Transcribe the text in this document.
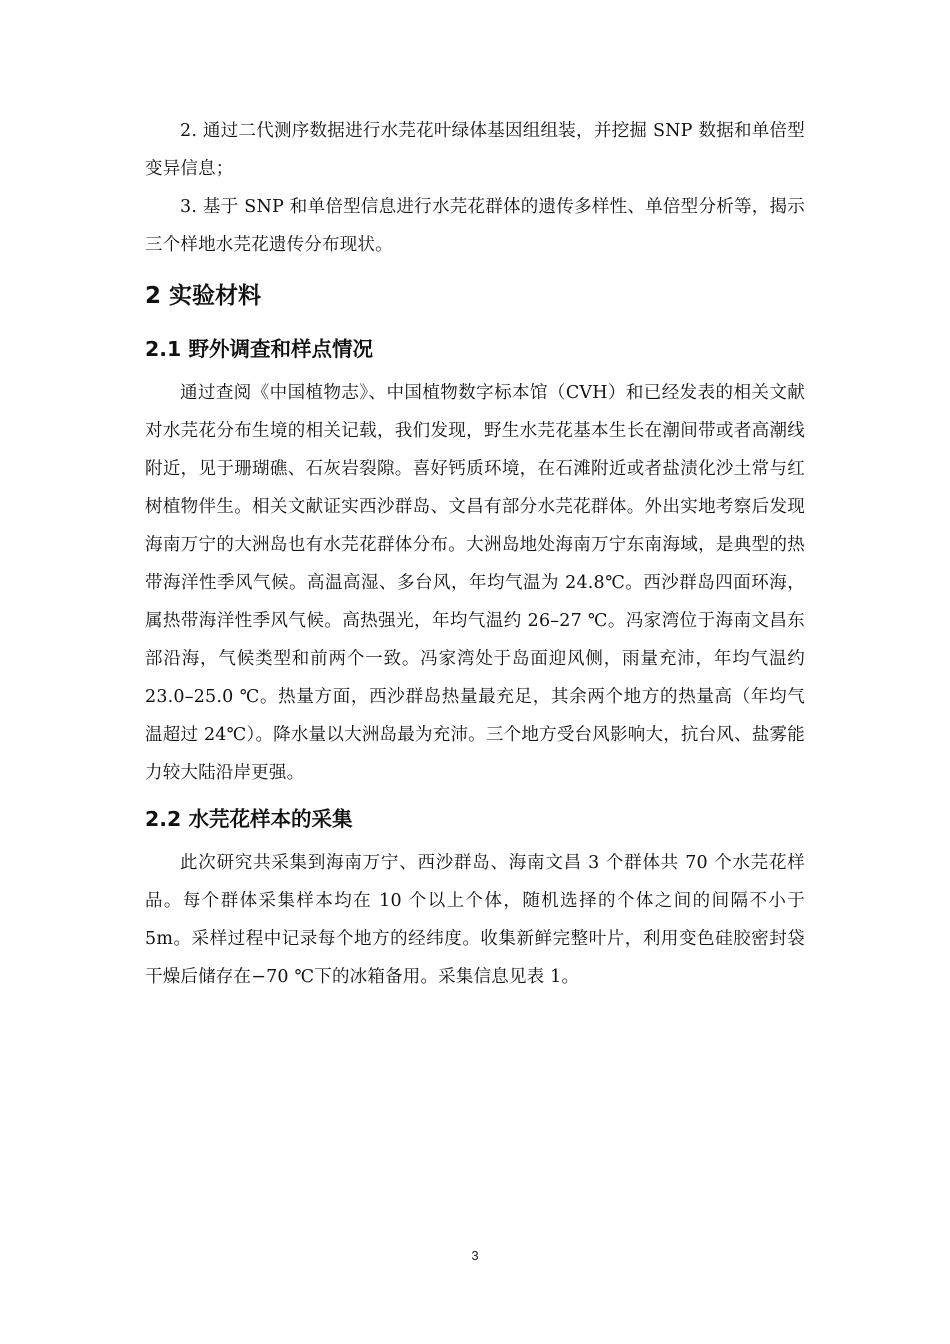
2. 通过二代测序数据进行水芫花叶绿体基因组组装，并挖掘 SNP 数据和单倍型变异信息；

3. 基于 SNP 和单倍型信息进行水芫花群体的遗传多样性、单倍型分析等，揭示三个样地水芫花遗传分布现状。

2 实验材料
2.1 野外调查和样点情况

通过查阅《中国植物志》、中国植物数字标本馆（CVH）和已经发表的相关文献对水芫花分布生境的相关记载，我们发现，野生水芫花基本生长在潮间带或者高潮线附近，见于珊瑚礁、石灰岩裂隙。喜好钙质环境，在石滩附近或者盐渍化沙土常与红树植物伴生。相关文献证实西沙群岛、文昌有部分水芫花群体。外出实地考察后发现海南万宁的大洲岛也有水芫花群体分布。大洲岛地处海南万宁东南海域，是典型的热带海洋性季风气候。高温高湿、多台风，年均气温为 24.8℃。西沙群岛四面环海，属热带海洋性季风气候。高热强光，年均气温约 26–27 ℃。冯家湾位于海南文昌东部沿海，气候类型和前两个一致。冯家湾处于岛面迎风侧，雨量充沛，年均气温约 23.0–25.0 ℃。热量方面，西沙群岛热量最充足，其余两个地方的热量高（年均气温超过 24℃）。降水量以大洲岛最为充沛。三个地方受台风影响大，抗台风、盐雾能力较大陆沿岸更强。

2.2 水芫花样本的采集

此次研究共采集到海南万宁、西沙群岛、海南文昌 3 个群体共 70 个水芫花样品。每个群体采集样本均在 10 个以上个体，随机选择的个体之间的间隔不小于 5m。采样过程中记录每个地方的经纬度。收集新鲜完整叶片，利用变色硅胶密封袋干燥后储存在−70 ℃下的冰箱备用。采集信息见表 1。

3
